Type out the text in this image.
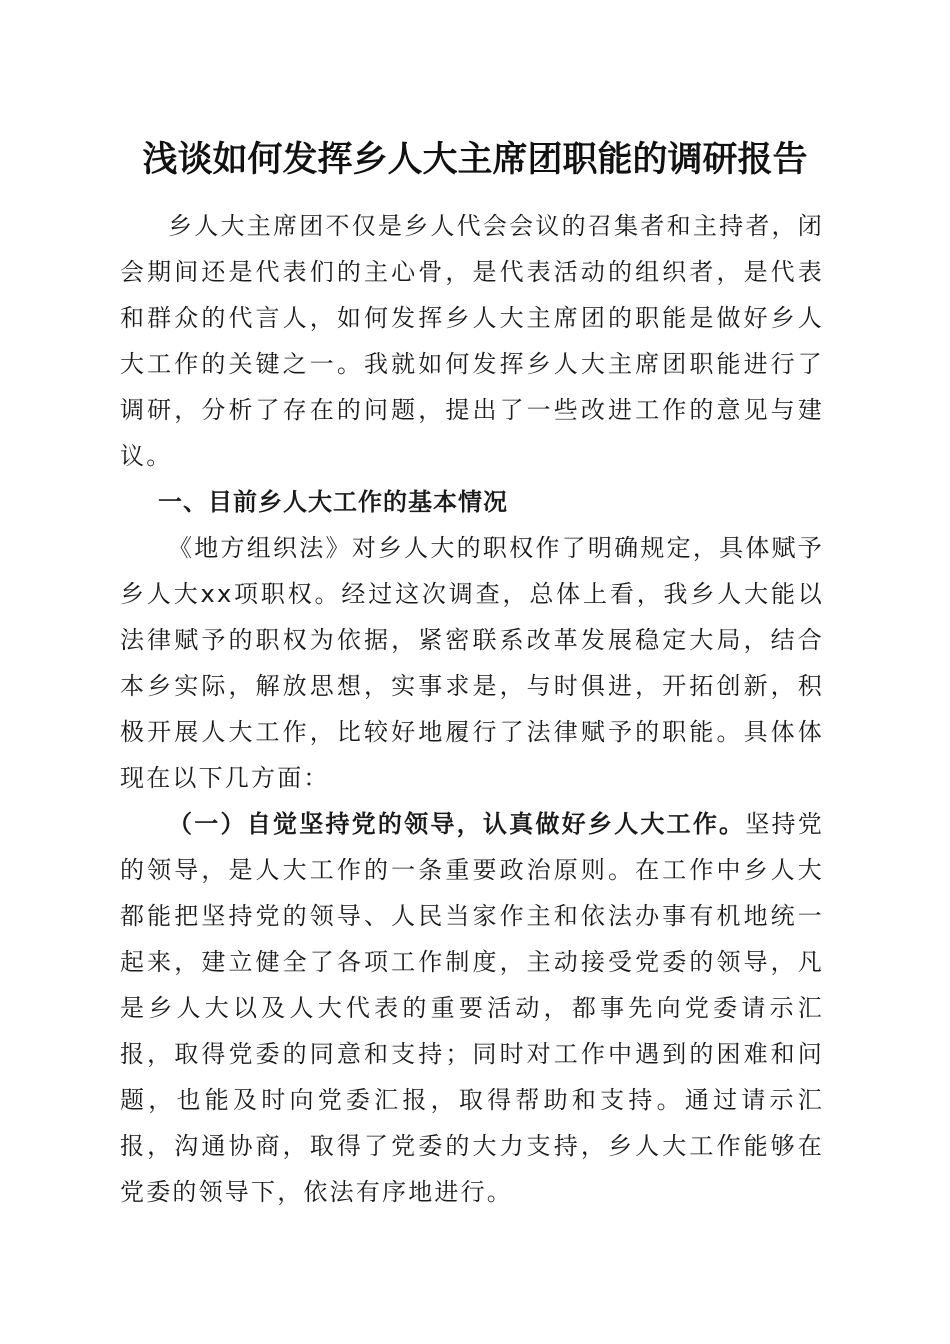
浅谈如何发挥乡人大主席团职能的调研报告

乡人大主席团不仅是乡人代会会议的召集者和主持者，闭会期间还是代表们的主心骨，是代表活动的组织者，是代表和群众的代言人，如何发挥乡人大主席团的职能是做好乡人大工作的关键之一。我就如何发挥乡人大主席团职能进行了调研，分析了存在的问题，提出了一些改进工作的意见与建议。

一、目前乡人大工作的基本情况

《地方组织法》对乡人大的职权作了明确规定，具体赋予乡人大xx项职权。经过这次调查，总体上看，我乡人大能以法律赋予的职权为依据，紧密联系改革发展稳定大局，结合本乡实际，解放思想，实事求是，与时俱进，开拓创新，积极开展人大工作，比较好地履行了法律赋予的职能。具体体现在以下几方面：

（一）自觉坚持党的领导，认真做好乡人大工作。坚持党的领导，是人大工作的一条重要政治原则。在工作中乡人大都能把坚持党的领导、人民当家作主和依法办事有机地统一起来，建立健全了各项工作制度，主动接受党委的领导，凡是乡人大以及人大代表的重要活动，都事先向党委请示汇报，取得党委的同意和支持；同时对工作中遇到的困难和问题，也能及时向党委汇报，取得帮助和支持。通过请示汇报，沟通协商，取得了党委的大力支持，乡人大工作能够在党委的领导下，依法有序地进行。
